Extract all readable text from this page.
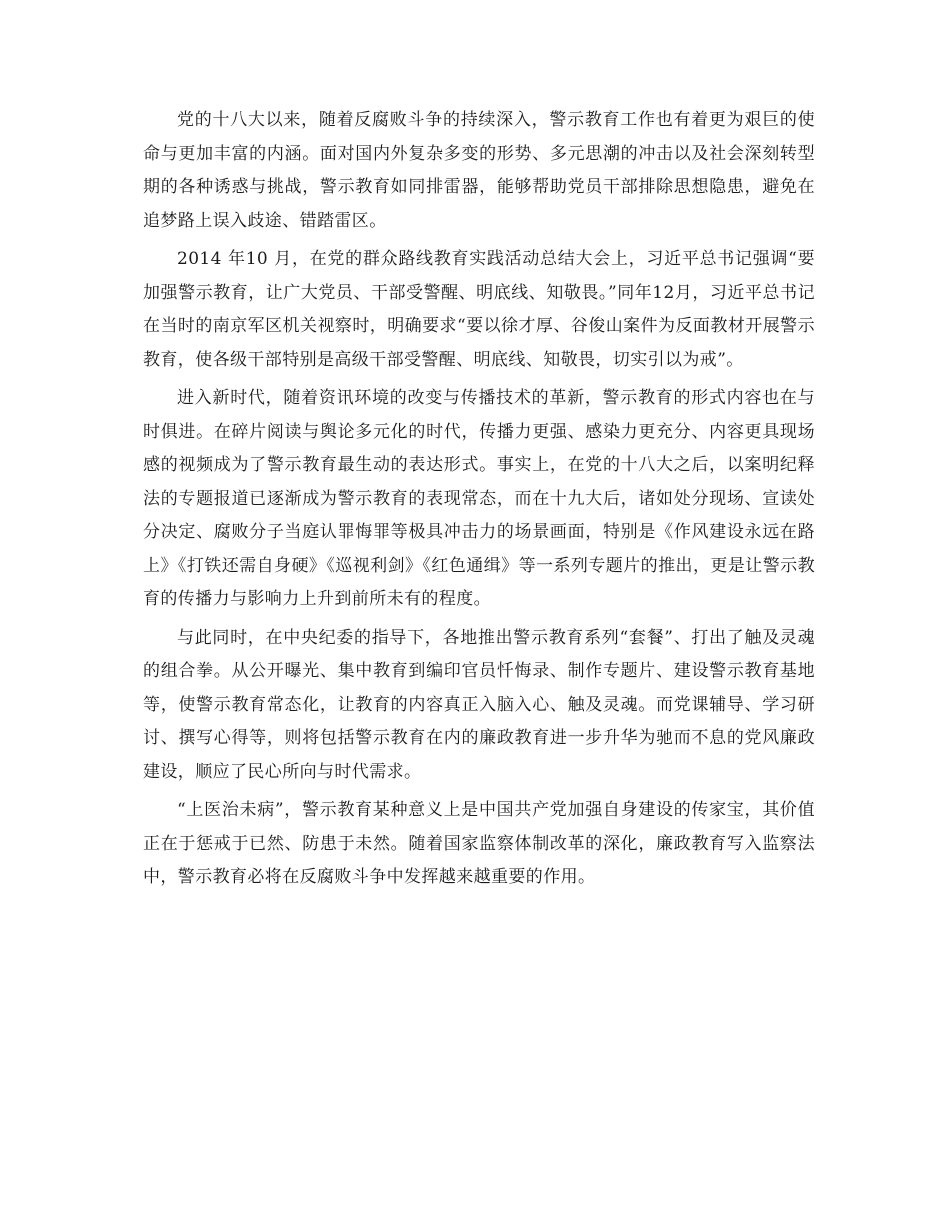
党的十八大以来，随着反腐败斗争的持续深入，警示教育工作也有着更为艰巨的使命与更加丰富的内涵。面对国内外复杂多变的形势、多元思潮的冲击以及社会深刻转型期的各种诱惑与挑战，警示教育如同排雷器，能够帮助党员干部排除思想隐患，避免在追梦路上误入歧途、错踏雷区。

2014 年10 月，在党的群众路线教育实践活动总结大会上，习近平总书记强调“要加强警示教育，让广大党员、干部受警醒、明底线、知敬畏。”同年12月，习近平总书记在当时的南京军区机关视察时，明确要求“要以徐才厚、谷俊山案件为反面教材开展警示教育，使各级干部特别是高级干部受警醒、明底线、知敬畏，切实引以为戒”。

进入新时代，随着资讯环境的改变与传播技术的革新，警示教育的形式内容也在与时俱进。在碎片阅读与舆论多元化的时代，传播力更强、感染力更充分、内容更具现场感的视频成为了警示教育最生动的表达形式。事实上，在党的十八大之后，以案明纪释法的专题报道已逐渐成为警示教育的表现常态，而在十九大后，诸如处分现场、宣读处分决定、腐败分子当庭认罪悔罪等极具冲击力的场景画面，特别是《作风建设永远在路上》《打铁还需自身硬》《巡视利剑》《红色通缉》等一系列专题片的推出，更是让警示教育的传播力与影响力上升到前所未有的程度。

与此同时，在中央纪委的指导下，各地推出警示教育系列“套餐”、打出了触及灵魂的组合拳。从公开曝光、集中教育到编印官员忏悔录、制作专题片、建设警示教育基地等，使警示教育常态化，让教育的内容真正入脑入心、触及灵魂。而党课辅导、学习研讨、撰写心得等，则将包括警示教育在内的廉政教育进一步升华为驰而不息的党风廉政建设，顺应了民心所向与时代需求。

“上医治未病”，警示教育某种意义上是中国共产党加强自身建设的传家宝，其价值正在于惩戒于已然、防患于未然。随着国家监察体制改革的深化，廉政教育写入监察法中，警示教育必将在反腐败斗争中发挥越来越重要的作用。
